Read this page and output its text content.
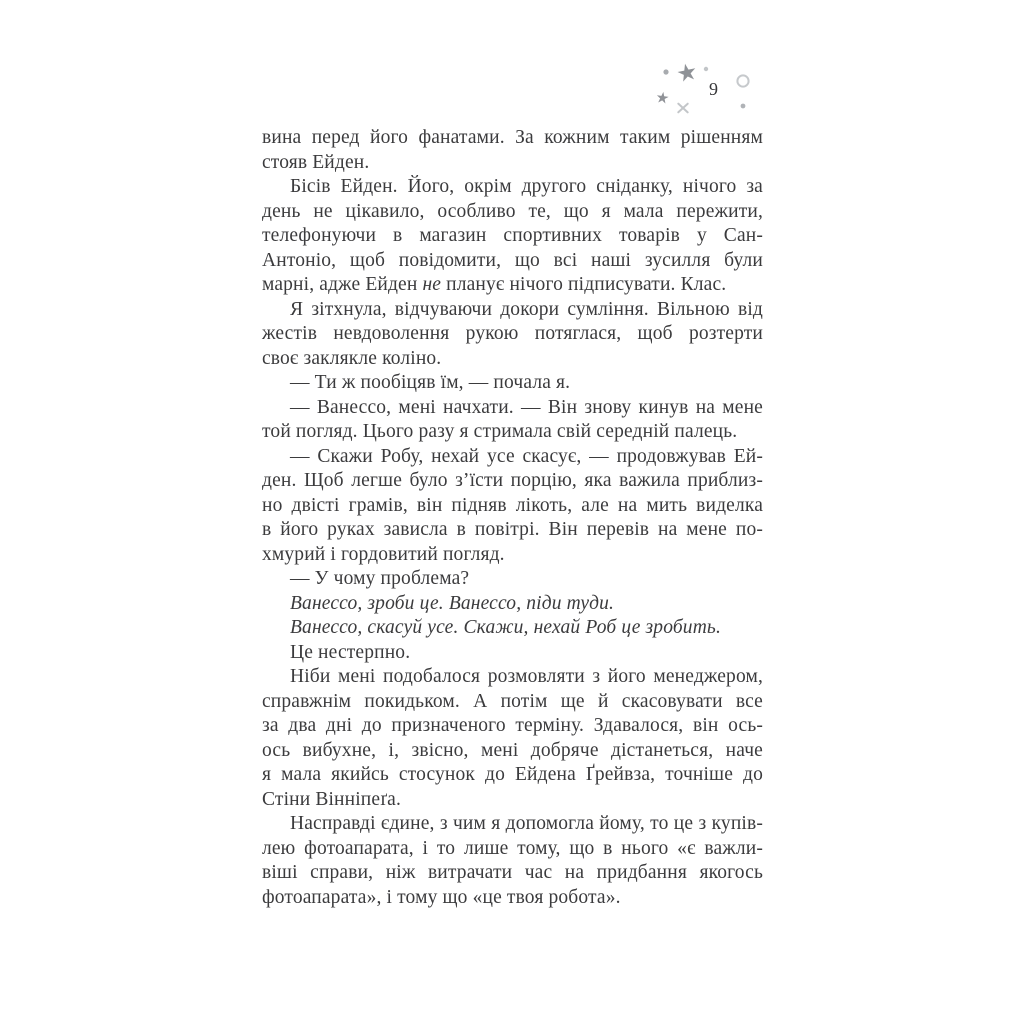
9
вина перед його фанатами. За кожним таким рішенням
стояв Ейден.
Бісів Ейден. Його, окрім другого сніданку, нічого за
день не цікавило, особливо те, що я мала пережити,
телефонуючи в магазин спортивних товарів у Сан-
Антоніо, щоб повідомити, що всі наші зусилля були
марні, адже Ейден не планує нічого підписувати. Клас.
Я зітхнула, відчуваючи докори сумління. Вільною від
жестів невдоволення рукою потяглася, щоб розтерти
своє заклякле коліно.
— Ти ж пообіцяв їм, — почала я.
— Ванессо, мені начхати. — Він знову кинув на мене
той погляд. Цього разу я стримала свій середній палець.
— Скажи Робу, нехай усе скасує, — продовжував Ей-
ден. Щоб легше було з’їсти порцію, яка важила приблиз-
но двісті грамів, він підняв лікоть, але на мить виделка
в його руках зависла в повітрі. Він перевів на мене по-
хмурий і гордовитий погляд.
— У чому проблема?
Ванессо, зроби це. Ванессо, піди туди.
Ванессо, скасуй усе. Скажи, нехай Роб це зробить.
Це нестерпно.
Ніби мені подобалося розмовляти з його менеджером,
справжнім покидьком. А потім ще й скасовувати все
за два дні до призначеного терміну. Здавалося, він ось-
ось вибухне, і, звісно, мені добряче дістанеться, наче
я мала якийсь стосунок до Ейдена Ґрейвза, точніше до
Стіни Вінніпеґа.
Насправді єдине, з чим я допомогла йому, то це з купів-
лею фотоапарата, і то лише тому, що в нього «є важли-
віші справи, ніж витрачати час на придбання якогось
фотоапарата», і тому що «це твоя робота».
